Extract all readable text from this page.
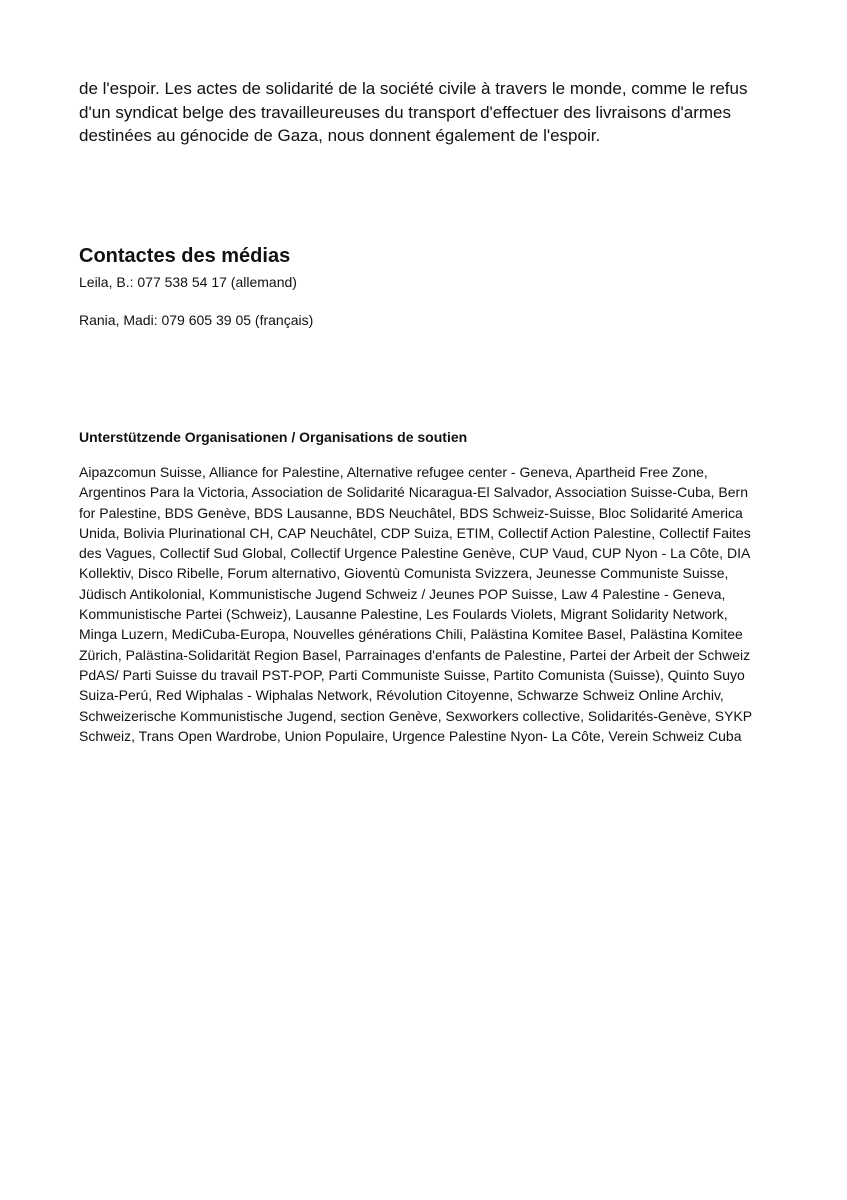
de l'espoir. Les actes de solidarité de la société civile à travers le monde, comme le refus

d'un syndicat belge des travailleureuses du transport d'effectuer des livraisons d'armes

destinées au génocide de Gaza, nous donnent également de l'espoir.

Contactes des médias

Leila, B.: 077 538 54 17 (allemand)

Rania, Madi: 079 605 39 05 (français)

Unterstützende Organisationen / Organisations de soutien

Aipazcomun Suisse, Alliance for Palestine, Alternative refugee center - Geneva, Apartheid Free Zone,

Argentinos Para la Victoria, Association de Solidarité Nicaragua-El Salvador, Association Suisse-Cuba, Bern

for Palestine, BDS Genève, BDS Lausanne, BDS Neuchâtel, BDS Schweiz-Suisse, Bloc Solidarité America

Unida, Bolivia Plurinational CH, CAP Neuchâtel, CDP Suiza, ETIM, Collectif Action Palestine, Collectif Faites

des Vagues, Collectif Sud Global, Collectif Urgence Palestine Genève, CUP Vaud, CUP Nyon - La Côte, DIA

Kollektiv, Disco Ribelle, Forum alternativo, Gioventù Comunista Svizzera, Jeunesse Communiste Suisse,

Jüdisch Antikolonial, Kommunistische Jugend Schweiz / Jeunes POP Suisse, Law 4 Palestine - Geneva,

Kommunistische Partei (Schweiz), Lausanne Palestine, Les Foulards Violets, Migrant Solidarity Network,

Minga Luzern, MediCuba-Europa, Nouvelles générations Chili, Palästina Komitee Basel, Palästina Komitee

Zürich, Palästina-Solidarität Region Basel, Parrainages d'enfants de Palestine, Partei der Arbeit der Schweiz

PdAS/ Parti Suisse du travail PST-POP, Parti Communiste Suisse, Partito Comunista (Suisse), Quinto Suyo

Suiza-Perú, Red Wiphalas - Wiphalas Network, Révolution Citoyenne, Schwarze Schweiz Online Archiv,

Schweizerische Kommunistische Jugend, section Genève, Sexworkers collective, Solidarités-Genève, SYKP

Schweiz, Trans Open Wardrobe, Union Populaire, Urgence Palestine Nyon- La Côte, Verein Schweiz Cuba
